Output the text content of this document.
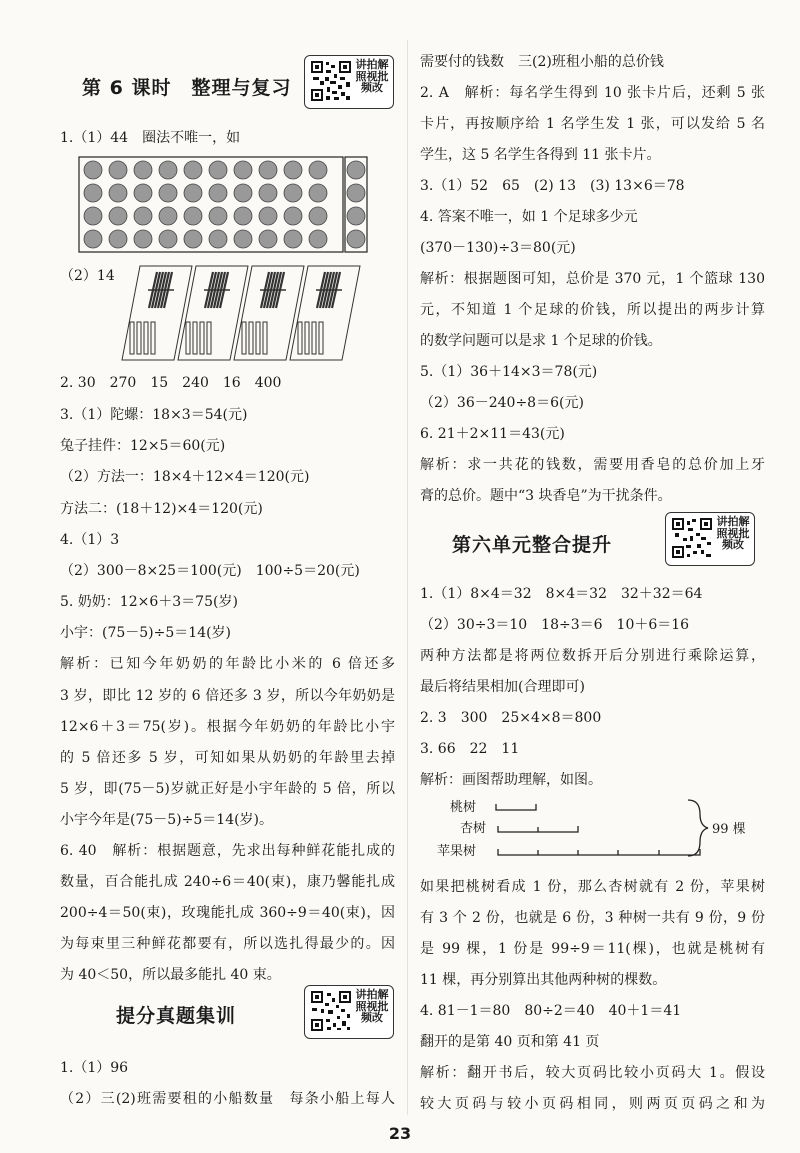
第 6 课时　整理与复习
讲拍解照视批频改
1.（1）44　圈法不唯一，如
（2）14
2. 30　270　15　240　16　400
3.（1）陀螺：18×3＝54(元)
兔子挂件：12×5＝60(元)
（2）方法一：18×4＋12×4＝120(元)
方法二：(18＋12)×4＝120(元)
4.（1）3
（2）300－8×25＝100(元)　100÷5＝20(元)
5. 奶奶：12×6＋3＝75(岁)
小宇：(75－5)÷5＝14(岁)
解析：已知今年奶奶的年龄比小米的 6 倍还多
3 岁，即比 12 岁的 6 倍还多 3 岁，所以今年奶奶是
12×6＋3＝75(岁)。根据今年奶奶的年龄比小宇
的 5 倍还多 5 岁，可知如果从奶奶的年龄里去掉
5 岁，即(75－5)岁就正好是小宇年龄的 5 倍，所以
小宇今年是(75－5)÷5＝14(岁)。
6. 40　解析：根据题意，先求出每种鲜花能扎成的
数量，百合能扎成 240÷6＝40(束)，康乃馨能扎成
200÷4＝50(束)，玫瑰能扎成 360÷9＝40(束)，因
为每束里三种鲜花都要有，所以选扎得最少的。因
为 40＜50，所以最多能扎 40 束。
提分真题集训
讲拍解照视批频改
1.（1）96
（2）三(2)班需要租的小船数量　每条小船上每人
需要付的钱数　三(2)班租小船的总价钱
2. A　解析：每名学生得到 10 张卡片后，还剩 5 张
卡片，再按顺序给 1 名学生发 1 张，可以发给 5 名
学生，这 5 名学生各得到 11 张卡片。
3.（1）52　65　(2) 13　(3) 13×6＝78
4. 答案不唯一，如 1 个足球多少元
(370－130)÷3＝80(元)
解析：根据题图可知，总价是 370 元，1 个篮球 130
元，不知道 1 个足球的价钱，所以提出的两步计算
的数学问题可以是求 1 个足球的价钱。
5.（1）36＋14×3＝78(元)
（2）36－240÷8＝6(元)
6. 21＋2×11＝43(元)
解析：求一共花的钱数，需要用香皂的总价加上牙
膏的总价。题中“3 块香皂”为干扰条件。
第六单元整合提升
讲拍解照视批频改
1.（1）8×4＝32　8×4＝32　32＋32＝64
（2）30÷3＝10　18÷3＝6　10＋6＝16
两种方法都是将两位数拆开后分别进行乘除运算，
最后将结果相加(合理即可)
2. 3　300　25×4×8＝800
3. 66　22　11
解析：画图帮助理解，如图。
桃树
杏树
苹果树
99 棵
如果把桃树看成 1 份，那么杏树就有 2 份，苹果树
有 3 个 2 份，也就是 6 份，3 种树一共有 9 份，9 份
是 99 棵，1 份是 99÷9＝11(棵)，也就是桃树有
11 棵，再分别算出其他两种树的棵数。
4. 81－1＝80　80÷2＝40　40＋1＝41
翻开的是第 40 页和第 41 页
解析：翻开书后，较大页码比较小页码大 1。假设
较大页码与较小页码相同，则两页页码之和为
23
